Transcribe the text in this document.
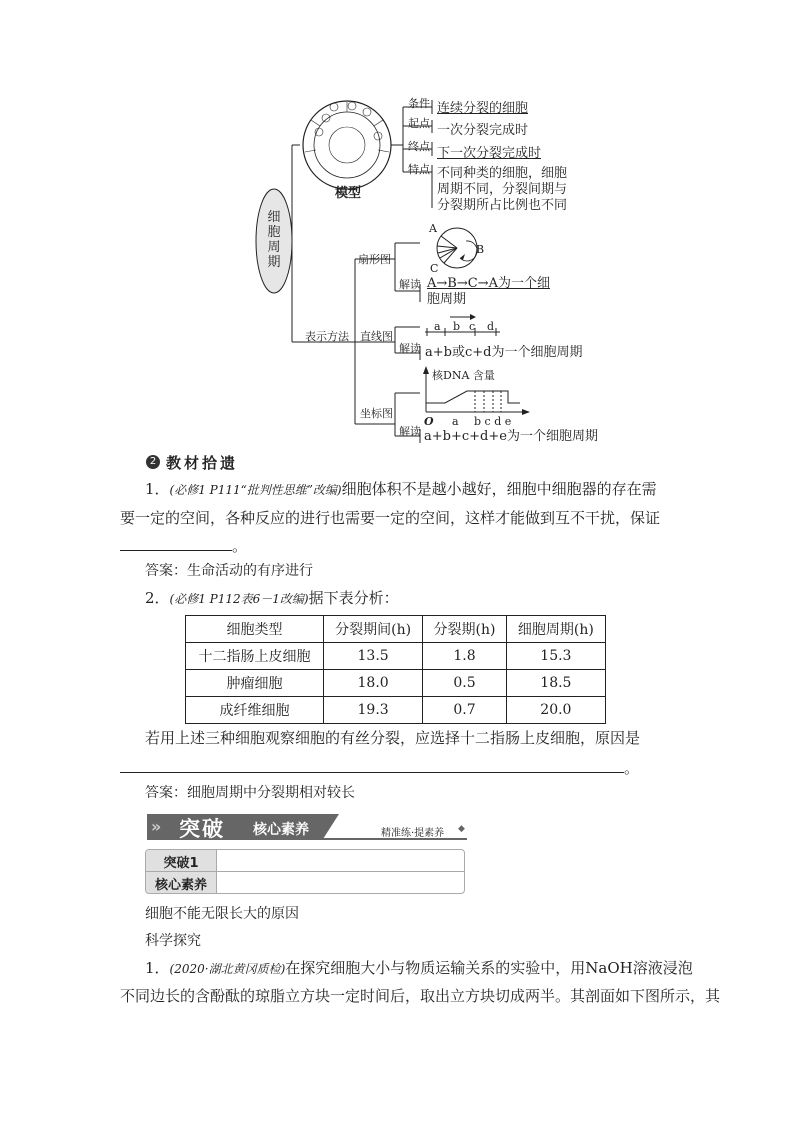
细
胞
周
期
模型
条件 连续分裂的细胞
起点 一次分裂完成时
终点 下一次分裂完成时
特点 不同种类的细胞，细胞
周期不同，分裂间期与
分裂期所占比例也不同
表示方法
扇形图
A
B
C
解读 A→B→C→A为一个细
胞周期
直线图
a b c d
解读 a+b或c+d为一个细胞周期
坐标图
核DNA 含量
O a b c d e
解读 a+b+c+d+e为一个细胞周期
2 教材拾遗
1．(必修1 P111“批判性思维”改编)细胞体积不是越小越好，细胞中细胞器的存在需
要一定的空间，各种反应的进行也需要一定的空间，这样才能做到互不干扰，保证
。
答案：生命活动的有序进行
2．(必修1 P112表6－1改编)据下表分析：
细胞类型	分裂期间(h)	分裂期(h)	细胞周期(h)
十二指肠上皮细胞	13.5	1.8	15.3
肿瘤细胞	18.0	0.5	18.5
成纤维细胞	19.3	0.7	20.0
若用上述三种细胞观察细胞的有丝分裂，应选择十二指肠上皮细胞，原因是
。
答案：细胞周期中分裂期相对较长
» 突破 核心素养	精准练·提素养 ◆
突破1
核心素养
细胞不能无限长大的原因
科学探究
1．(2020·湖北黄冈质检)在探究细胞大小与物质运输关系的实验中，用NaOH溶液浸泡
不同边长的含酚酞的琼脂立方块一定时间后，取出立方块切成两半。其剖面如下图所示，其
